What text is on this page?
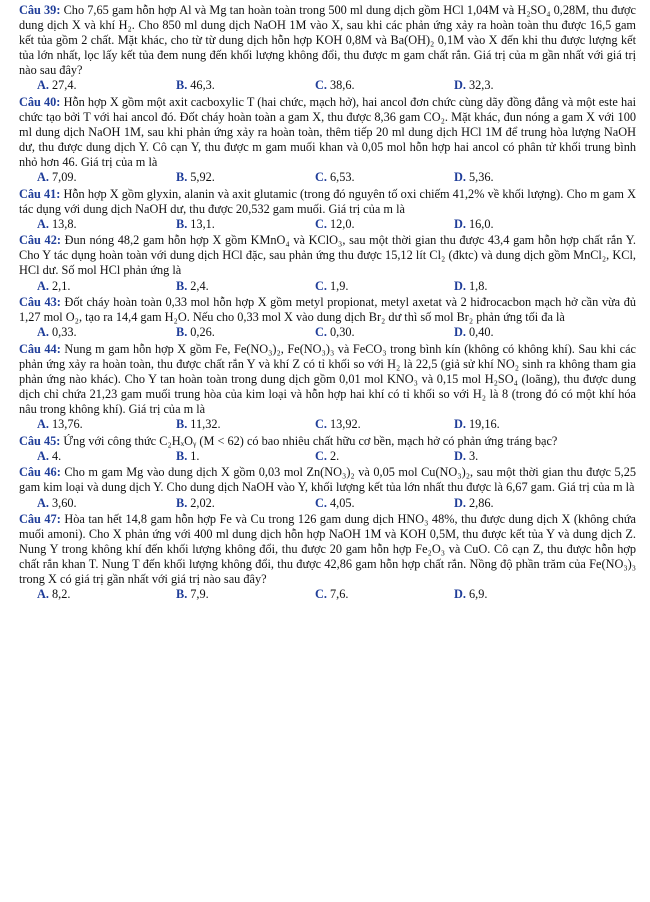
Câu 39: Cho 7,65 gam hỗn hợp Al và Mg tan hoàn toàn trong 500 ml dung dịch gồm HCl 1,04M và H₂SO₄ 0,28M, thu được dung dịch X và khí H₂. Cho 850 ml dung dịch NaOH 1M vào X, sau khi các phản ứng xảy ra hoàn toàn thu được 16,5 gam kết tủa gồm 2 chất. Mặt khác, cho từ từ dung dịch hỗn hợp KOH 0,8M và Ba(OH)₂ 0,1M vào X đến khi thu được lượng kết tủa lớn nhất, lọc lấy kết tủa đem nung đến khối lượng không đổi, thu được m gam chất rắn. Giá trị của m gần nhất với giá trị nào sau đây?
A. 27,4.	B. 46,3.	C. 38,6.	D. 32,3.
Câu 40: Hỗn hợp X gồm một axit cacboxylic T (hai chức, mạch hở), hai ancol đơn chức cùng dãy đồng đẳng và một este hai chức tạo bởi T với hai ancol đó. Đốt cháy hoàn toàn a gam X, thu được 8,36 gam CO₂. Mặt khác, đun nóng a gam X với 100 ml dung dịch NaOH 1M, sau khi phản ứng xảy ra hoàn toàn, thêm tiếp 20 ml dung dịch HCl 1M để trung hòa lượng NaOH dư, thu được dung dịch Y. Cô cạn Y, thu được m gam muối khan và 0,05 mol hỗn hợp hai ancol có phân tử khối trung bình nhỏ hơn 46. Giá trị của m là
A. 7,09.	B. 5,92.	C. 6,53.	D. 5,36.
Câu 41: Hỗn hợp X gồm glyxin, alanin và axit glutamic (trong đó nguyên tố oxi chiếm 41,2% về khối lượng). Cho m gam X tác dụng với dung dịch NaOH dư, thu được 20,532 gam muối. Giá trị của m là
A. 13,8.	B. 13,1.	C. 12,0.	D. 16,0.
Câu 42: Đun nóng 48,2 gam hỗn hợp X gồm KMnO₄ và KClO₃, sau một thời gian thu được 43,4 gam hỗn hợp chất rắn Y. Cho Y tác dụng hoàn toàn với dung dịch HCl đặc, sau phản ứng thu được 15,12 lít Cl₂ (đktc) và dung dịch gồm MnCl₂, KCl, HCl dư. Số mol HCl phản ứng là
A. 2,1.	B. 2,4.	C. 1,9.	D. 1,8.
Câu 43: Đốt cháy hoàn toàn 0,33 mol hỗn hợp X gồm metyl propionat, metyl axetat và 2 hiđrocacbon mạch hở cần vừa đủ 1,27 mol O₂, tạo ra 14,4 gam H₂O. Nếu cho 0,33 mol X vào dung dịch Br₂ dư thì số mol Br₂ phản ứng tối đa là
A. 0,33.	B. 0,26.	C. 0,30.	D. 0,40.
Câu 44: Nung m gam hỗn hợp X gồm Fe, Fe(NO₃)₂, Fe(NO₃)₃ và FeCO₃ trong bình kín (không có không khí). Sau khi các phản ứng xảy ra hoàn toàn, thu được chất rắn Y và khí Z có tỉ khối so với H₂ là 22,5 (giả sử khí NO₂ sinh ra không tham gia phản ứng nào khác). Cho Y tan hoàn toàn trong dung dịch gồm 0,01 mol KNO₃ và 0,15 mol H₂SO₄ (loãng), thu được dung dịch chỉ chứa 21,23 gam muối trung hòa của kim loại và hỗn hợp hai khí có tỉ khối so với H₂ là 8 (trong đó có một khí hóa nâu trong không khí). Giá trị của m là
A. 13,76.	B. 11,32.	C. 13,92.	D. 19,16.
Câu 45: Ứng với công thức C₂HₓOᵧ (M < 62) có bao nhiêu chất hữu cơ bền, mạch hở có phản ứng tráng bạc?
A. 4.	B. 1.	C. 2.	D. 3.
Câu 46: Cho m gam Mg vào dung dịch X gồm 0,03 mol Zn(NO₃)₂ và 0,05 mol Cu(NO₃)₂, sau một thời gian thu được 5,25 gam kim loại và dung dịch Y. Cho dung dịch NaOH vào Y, khối lượng kết tủa lớn nhất thu được là 6,67 gam. Giá trị của m là
A. 3,60.	B. 2,02.	C. 4,05.	D. 2,86.
Câu 47: Hòa tan hết 14,8 gam hỗn hợp Fe và Cu trong 126 gam dung dịch HNO₃ 48%, thu được dung dịch X (không chứa muối amoni). Cho X phản ứng với 400 ml dung dịch hỗn hợp NaOH 1M và KOH 0,5M, thu được kết tủa Y và dung dịch Z. Nung Y trong không khí đến khối lượng không đổi, thu được 20 gam hỗn hợp Fe₂O₃ và CuO. Cô cạn Z, thu được hỗn hợp chất rắn khan T. Nung T đến khối lượng không đổi, thu được 42,86 gam hỗn hợp chất rắn. Nồng độ phần trăm của Fe(NO₃)₃ trong X có giá trị gần nhất với giá trị nào sau đây?
A. 8,2.	B. 7,9.	C. 7,6.	D. 6,9.
